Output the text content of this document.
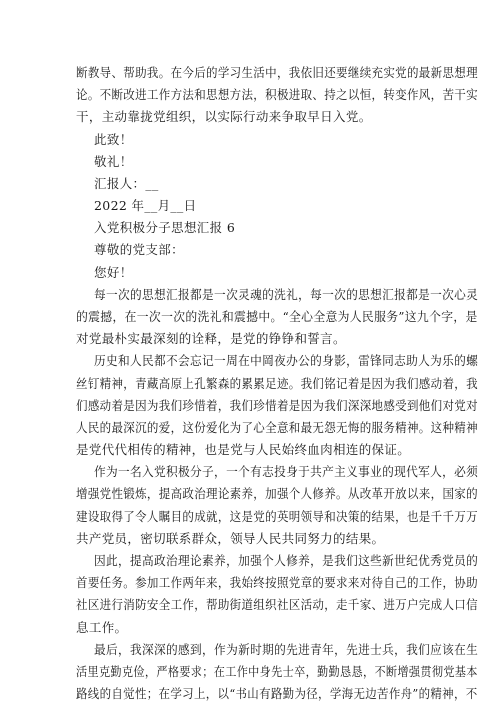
断教导、帮助我。在今后的学习生活中，我依旧还要继续充实党的最新思想理
论。不断改进工作方法和思想方法，积极进取、持之以恒，转变作风，苦干实
干，主动靠拢党组织，以实际行动来争取早日入党。
此致！
敬礼！
汇报人：__
2022 年__月__日
入党积极分子思想汇报 6
尊敬的党支部：
您好！
每一次的思想汇报都是一次灵魂的洗礼，每一次的思想汇报都是一次心灵
的震撼，在一次一次的洗礼和震撼中。“全心全意为人民服务”这九个字，是
对党最朴实最深刻的诠释，是党的铮铮和誓言。
历史和人民都不会忘记一周在中岡夜办公的身影，雷锋同志助人为乐的螺
丝钉精神，青藏高原上孔繁森的累累足迹。我们铭记着是因为我们感动着，我
们感动着是因为我们珍惜着，我们珍惜着是因为我们深深地感受到他们对党对
人民的最深沉的爱，这份爱化为了心全意和最无怨无悔的服务精神。这种精神
是党代代相传的精神，也是党与人民始终血肉相连的保证。
作为一名入党积极分子，一个有志投身于共产主义事业的现代军人，必须
增强党性锻炼，提高政治理论素养，加强个人修养。从改革开放以来，国家的
建设取得了令人瞩目的成就，这是党的英明领导和决策的结果，也是千千万万
共产党员，密切联系群众，领导人民共同努力的结果。
因此，提高政治理论素养，加强个人修养，是我们这些新世纪优秀党员的
首要任务。参加工作两年来，我始终按照党章的要求来对待自己的工作，协助
社区进行消防安全工作，帮助街道组织社区活动，走千家、进万户完成人口信
息工作。
最后，我深深的感到，作为新时期的先进青年，先进士兵，我们应该在生
活里克勤克俭，严格要求；在工作中身先士卒，勤勤恳恳，不断增强贯彻党基本
路线的自觉性；在学习上，以“书山有路勤为径，学海无边苦作舟”的精神，不
